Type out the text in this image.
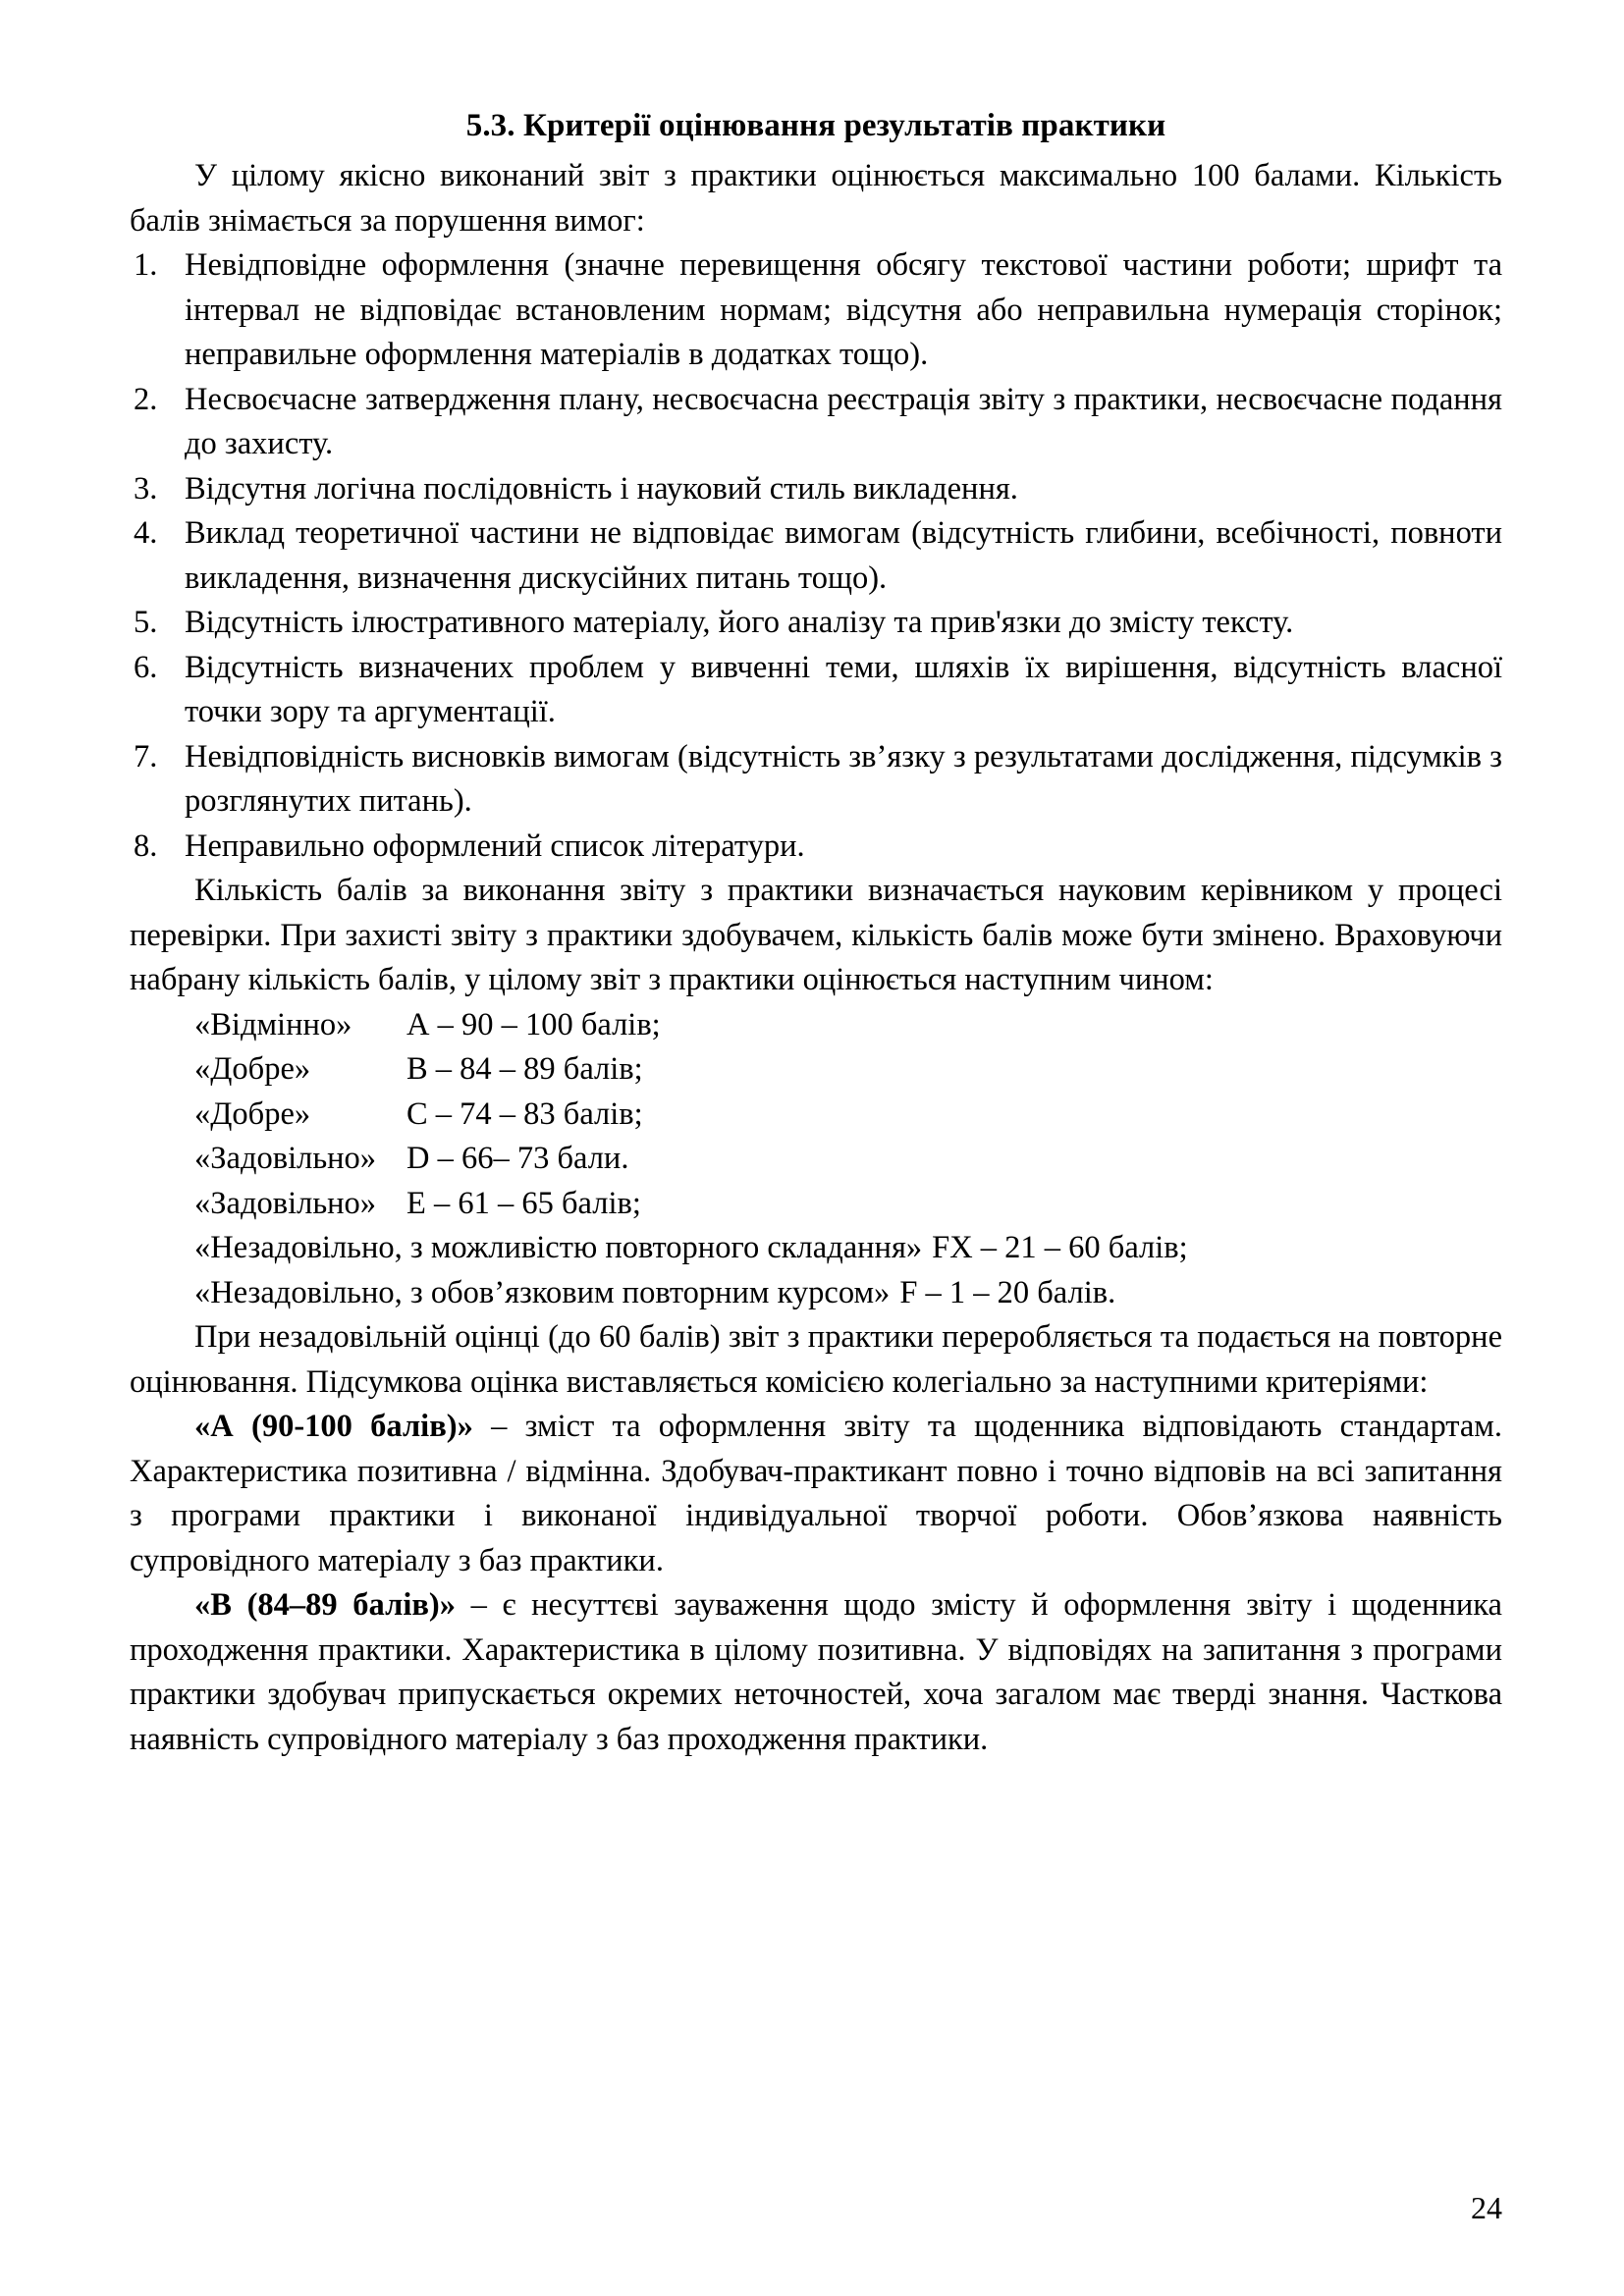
5.3. Критерії оцінювання результатів практики

У цілому якісно виконаний звіт з практики оцінюється максимально 100 балами. Кількість балів знімається за порушення вимог:

Невідповідне оформлення (значне перевищення обсягу текстової частини роботи; шрифт та інтервал не відповідає встановленим нормам; відсутня або неправильна нумерація сторінок; неправильне оформлення матеріалів в додатках тощо).
Несвоєчасне затвердження плану, несвоєчасна реєстрація звіту з практики, несвоєчасне подання до захисту.
Відсутня логічна послідовність і науковий стиль викладення.
Виклад теоретичної частини не відповідає вимогам (відсутність глибини, всебічності, повноти викладення, визначення дискусійних питань тощо).
Відсутність ілюстративного матеріалу, його аналізу та прив'язки до змісту тексту.
Відсутність визначених проблем у вивченні теми, шляхів їх вирішення, відсутність власної точки зору та аргументації.
Невідповідність висновків вимогам (відсутність зв’язку з результатами дослідження, підсумків з розглянутих питань).
Неправильно оформлений список літератури.

Кількість балів за виконання звіту з практики визначається науковим керівником у процесі перевірки. При захисті звіту з практики здобувачем, кількість балів може бути змінено. Враховуючи набрану кількість балів, у цілому звіт з практики оцінюється наступним чином:

«Відмінно» А – 90 – 100 балів;
«Добре»	В – 84 – 89 балів;
«Добре»	С – 74 – 83 балів;
«Задовільно» D – 66– 73 бали.
«Задовільно» Е – 61 – 65 балів;
«Незадовільно, з можливістю повторного складання» FX – 21 – 60 балів;
«Незадовільно, з обов’язковим повторним курсом» F – 1 – 20 балів.

При незадовільній оцінці (до 60 балів) звіт з практики переробляється та подається на повторне оцінювання. Підсумкова оцінка виставляється комісією колегіально за наступними критеріями:

«А (90-100 балів)» – зміст та оформлення звіту та щоденника відповідають стандартам. Характеристика позитивна / відмінна. Здобувач-практикант повно і точно відповів на всі запитання з програми практики і виконаної індивідуальної творчої роботи. Обов’язкова наявність супровідного матеріалу з баз практики.

«В (84–89 балів)» – є несуттєві зауваження щодо змісту й оформлення звіту і щоденника проходження практики. Характеристика в цілому позитивна. У відповідях на запитання з програми практики здобувач припускається окремих неточностей, хоча загалом має тверді знання. Часткова наявність супровідного матеріалу з баз проходження практики.

24
